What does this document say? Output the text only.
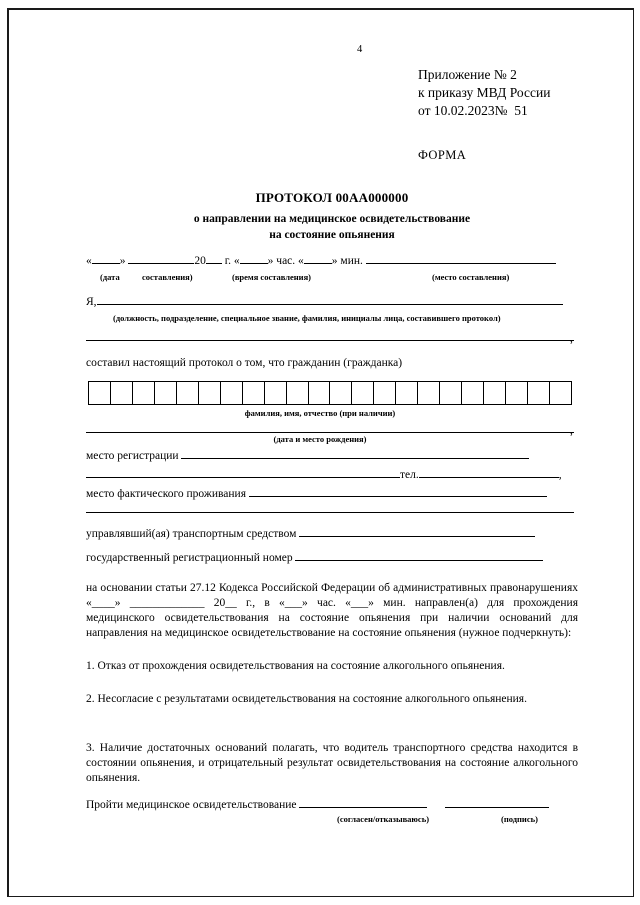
4
Приложение № 2
к приказу МВД России
от 10.02.2023№ 51
ФОРМА
ПРОТОКОЛ 00АА000000
о направлении на медицинское освидетельствование
на состояние опьянения
« »	20 г. « » час. « » мин.
(дата	составления)	(время составления)	(место составления)
Я,
(должность, подразделение, специальное звание, фамилия, инициалы лица, составившего протокол)
,
составил настоящий протокол о том, что гражданин (гражданка)
фамилия, имя, отчество (при наличии)
,
(дата и место рождения)
место регистрации
тел.	,
место фактического проживания
управлявший(ая) транспортным средством
государственный регистрационный номер
на основании статьи 27.12 Кодекса Российской Федерации об административных правонарушениях «____» _____________ 20__ г., в «___» час. «___» мин. направлен(а) для прохождения медицинского освидетельствования на состояние опьянения при наличии оснований для направления на медицинское освидетельствование на состояние опьянения (нужное подчеркнуть):
1. Отказ от прохождения освидетельствования на состояние алкогольного опьянения.
2. Несогласие с результатами освидетельствования на состояние алкогольного опьянения.
3. Наличие достаточных оснований полагать, что водитель транспортного средства находится в состоянии опьянения, и отрицательный результат освидетельствования на состояние алкогольного опьянения.
Пройти медицинское освидетельствование
(согласен/отказываюсь)	(подпись)
